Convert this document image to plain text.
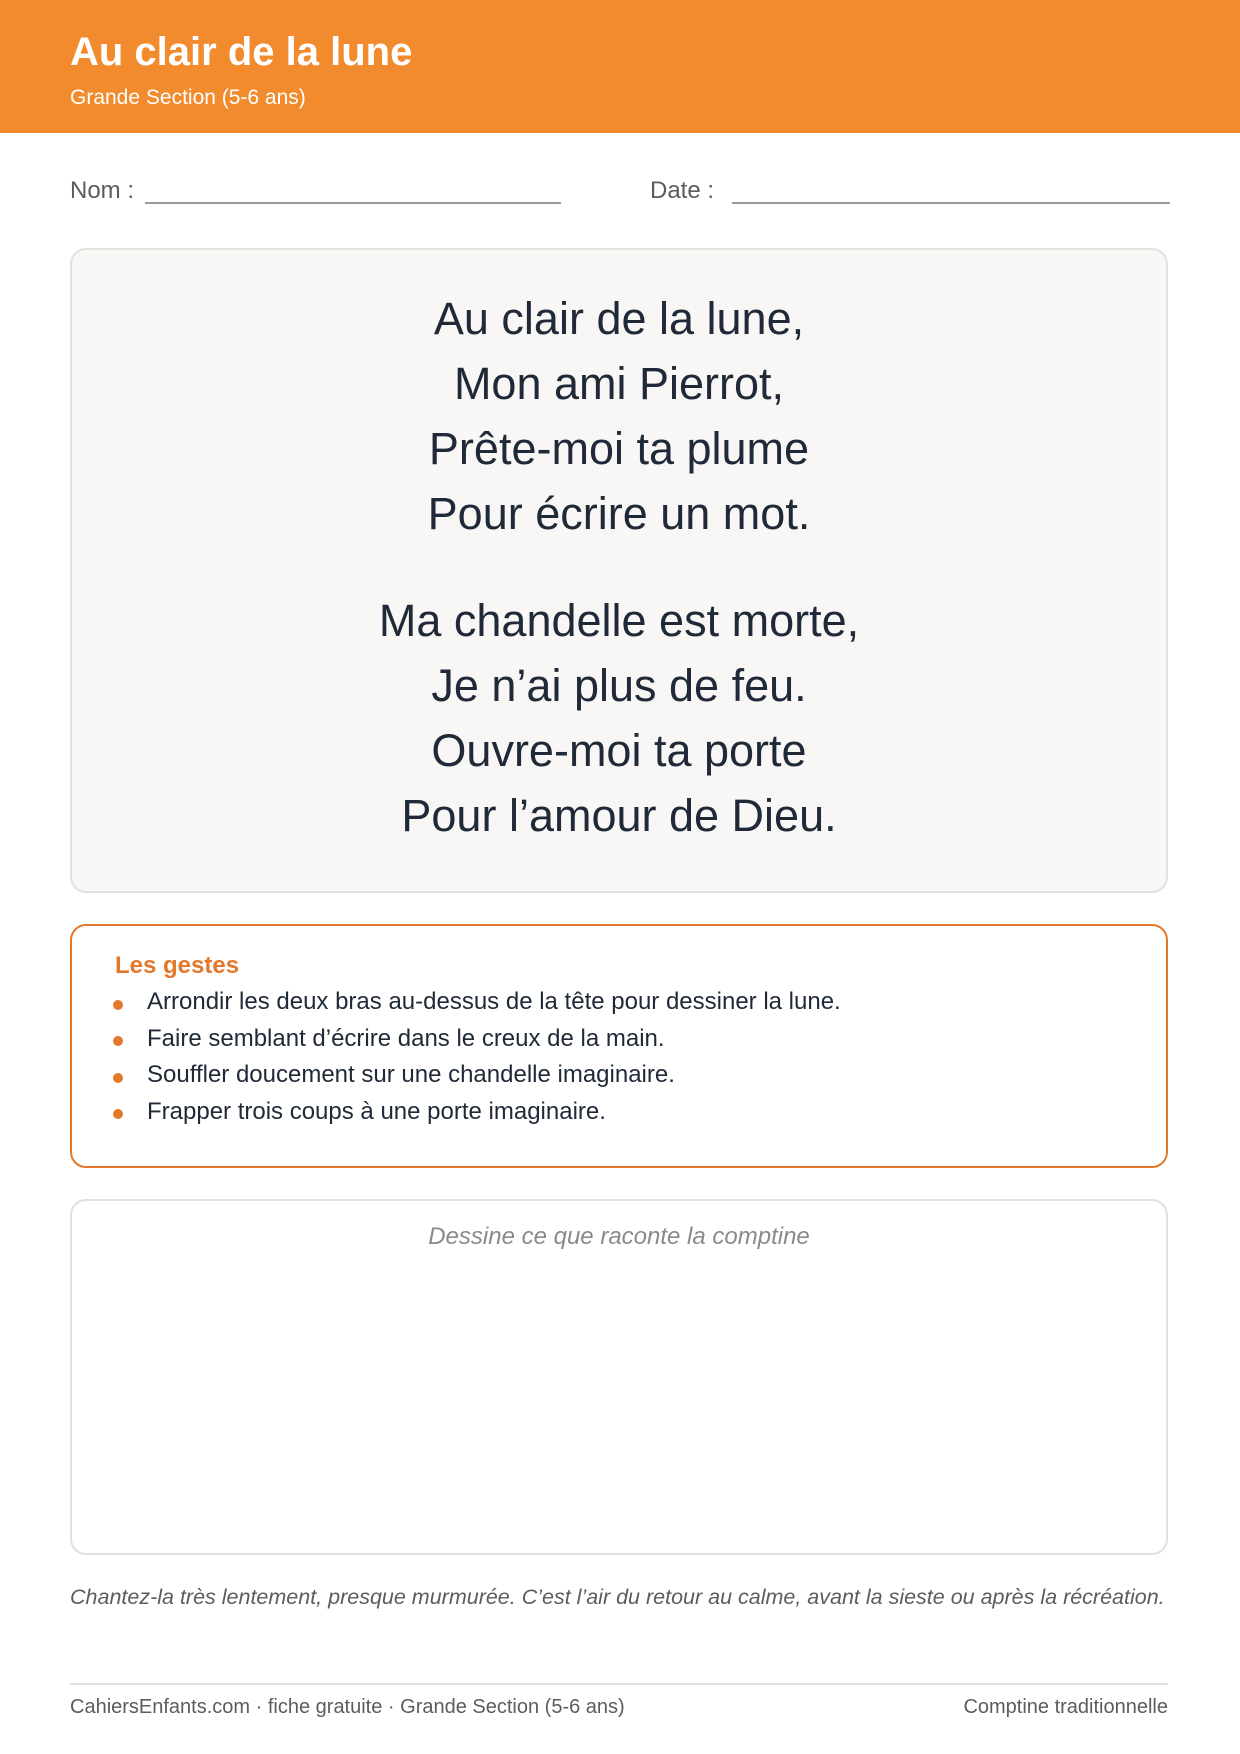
Au clair de la lune
Grande Section (5-6 ans)
Nom :	Date :
Au clair de la lune,
Mon ami Pierrot,
Prête-moi ta plume
Pour écrire un mot.
Ma chandelle est morte,
Je n’ai plus de feu.
Ouvre-moi ta porte
Pour l’amour de Dieu.
Les gestes
Arrondir les deux bras au-dessus de la tête pour dessiner la lune.
Faire semblant d’écrire dans le creux de la main.
Souffler doucement sur une chandelle imaginaire.
Frapper trois coups à une porte imaginaire.
Dessine ce que raconte la comptine
Chantez-la très lentement, presque murmurée. C’est l’air du retour au calme, avant la sieste ou après la récréation.
CahiersEnfants.com · fiche gratuite · Grande Section (5-6 ans)	Comptine traditionnelle
